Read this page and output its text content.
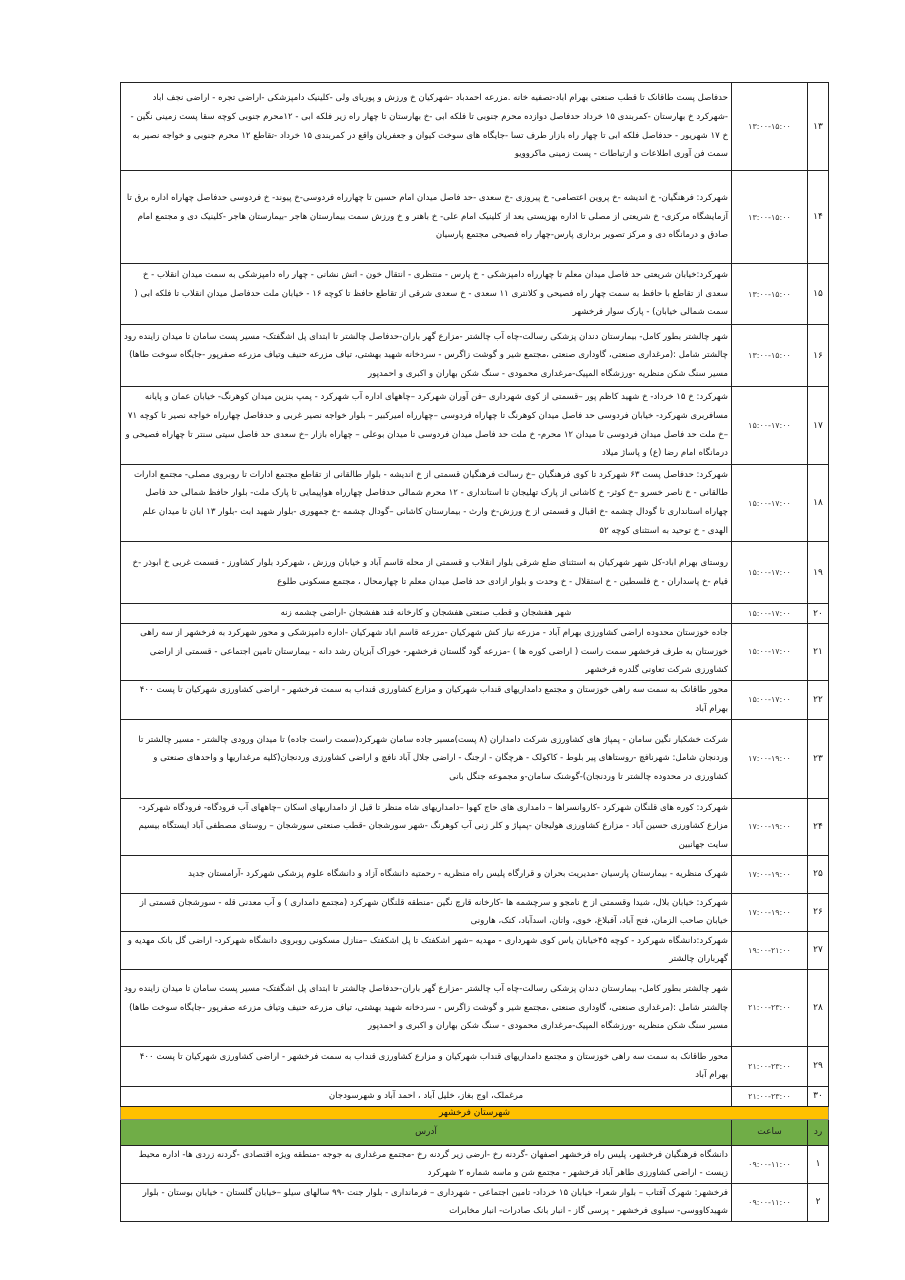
۱۳	۱۳:۰۰-۱۵:۰۰	حدفاصل پست طاقانک تا قطب صنعتی بهرام اباد-تصفیه خانه .مزرعه احمدباد -شهرکیان خ ورزش و پوریای ولی -کلینیک دامپزشکی -اراضی تجره - اراضی نجف اباد -شهرکرد خ بهارستان -کمربندی ۱۵ خرداد حدفاصل دوازده محرم جنوبی تا فلکه ابی -خ بهارستان تا چهار راه زیر فلکه ابی - ۱۲محرم جنوبی کوچه سقا پست زمینی نگین - خ ۱۷ شهریور - حدفاصل فلکه ابی تا چهار راه بازار طرف تسا -جایگاه های سوخت کیوان و جعفریان واقع در کمربندی ۱۵ خرداد -تقاطع ۱۲ محرم جنوبی و خواجه نصیر به سمت فن آوری اطلاعات و ارتباطات - پست زمینی ماکروویو
۱۴	۱۳:۰۰-۱۵:۰۰	شهرکرد: فرهنگیان- خ اندیشه -خ پروین اعتصامی- خ پیروزی -خ سعدی -حد فاصل میدان امام حسین تا چهارراه فردوسی-خ پیوند- خ فردوسی حدفاصل چهاراه اداره برق تا آزمایشگاه مرکزی- خ شریعتی از مصلی تا اداره بهزیستی بعد از کلینیک امام علی- خ باهنر و خ ورزش سمت بیمارستان هاجر -بیمارستان هاجر -کلینیک دی و مجتمع امام صادق و درمانگاه دی و مرکز تصویر برداری پارس-چهار راه فصیحی مجتمع پارسیان
۱۵	۱۳:۰۰-۱۵:۰۰	شهرکرد:خیابان شریعتی حد فاصل میدان معلم تا چهارراه دامپزشکی - خ پارس - منتظری - انتقال خون - اتش نشانی - چهار راه دامپزشکی به سمت میدان انقلاب - خ سعدی از تقاطع با حافظ به سمت چهار راه فصیحی و کلانتری ۱۱ سعدی - خ سعدی شرقی از تقاطع حافظ تا کوچه ۱۶ - خیابان ملت حدفاصل میدان انقلاب تا فلکه ابی ( سمت شمالی خیابان) - پارک سوار فرخشهر
۱۶	۱۳:۰۰-۱۵:۰۰	شهر چالشتر بطور کامل- بیمارستان دندان پزشکی رسالت-چاه آب چالشتر -مزارع گهر باران-حدفاصل چالشتر تا ابتدای پل اشگفتک- مسیر پست سامان تا میدان زاینده رود چالشتر شامل :(مرغداری صنعتی، گاوداری صنعتی ،مجتمع شیر و گوشت زاگرس - سردخانه شهید بهشتی، تیاف مزرعه حنیف وتیاف مزرعه صفرپور -جایگاه سوخت طاها) مسیر سنگ شکن منظریه -ورزشگاه المپیک-مرغداری محمودی - سنگ شکن بهاران و اکبری و احمدپور
۱۷	۱۵:۰۰-۱۷:۰۰	شهرکرد: خ ۱۵ خرداد- خ شهید کاظم پور –قسمتی از کوی شهرداری –فن آوران شهرکرد –چاههای اداره آب شهرکرد - پمپ بنزین میدان کوهرنگ- خیابان عمان و پایانه مسافربری شهرکرد- خیابان فردوسی حد فاصل میدان کوهرنگ تا چهاراه فردوسی –چهارراه امیرکبیر – بلوار خواجه نصیر غربی و حدفاصل چهارراه خواجه نصیر تا کوچه ۷۱ –خ ملت حد فاصل میدان فردوسی تا میدان ۱۲ محرم- خ ملت حد فاصل میدان فردوسی تا میدان بوعلی – چهاراه بازار –خ سعدی حد فاصل سیتی سنتر تا چهاراه فصیحی و درمانگاه امام رضا (ع) و پاساژ میلاد
۱۸	۱۵:۰۰-۱۷:۰۰	شهرکرد: حدفاصل پست ۶۳ شهرکرد تا کوی فرهنگیان –خ رسالت فرهنگیان قسمتی از خ اندیشه - بلوار طالقانی از تقاطع مجتمع ادارات تا روبروی مصلی- مجتمع ادارات طالقانی - خ ناصر خسرو –خ کوثر- خ کاشانی از پارک تهلیجان تا استانداری - ۱۲ محرم شمالی حدفاصل چهارراه هواپیمایی تا پارک ملت- بلوار حافظ شمالی حد فاصل چهاراه استانداری تا گودال چشمه -خ اقبال و قسمتی از خ ورزش-خ وارث - بیمارستان کاشانی –گودال چشمه -خ جمهوری -بلوار شهید ابت -بلوار ۱۳ ابان تا میدان علم الهدی - خ توحید به استثنای کوچه ۵۲
۱۹	۱۵:۰۰-۱۷:۰۰	روستای بهرام اباد-کل شهر شهرکیان به استثنای ضلع شرقی بلوار انقلاب و قسمتی از محله قاسم آباد و خیابان ورزش ، شهرکرد بلوار کشاورز - قسمت غربی خ ابوذر -خ قیام -خ پاسداران - خ فلسطین - خ استقلال - خ وحدت و بلوار ازادی حد فاصل میدان معلم تا چهارمحال ، مجتمع مسکونی طلوع
۲۰	۱۵:۰۰-۱۷:۰۰	شهر هفشجان و قطب صنعتی هفشجان و کارخانه قند هفشجان -اراضی چشمه زنه
۲۱	۱۵:۰۰-۱۷:۰۰	جاده خوزستان محدوده اراضی کشاورزی بهرام آباد - مزرعه نیاز کش شهرکیان -مزرعه قاسم اباد شهرکیان -اداره دامپزشکی و محور شهرکرد به فرخشهر از سه راهی خوزستان به طرف فرخشهر سمت راست ( اراضی کوره ها ) -مزرعه گود گلستان فرخشهر- خوراک آبزیان رشد دانه - بیمارستان تامین اجتماعی - قسمتی از اراضی کشاورزی شرکت تعاونی گلدره فرخشهر
۲۲	۱۵:۰۰-۱۷:۰۰	محور طاقانک به سمت سه راهی خوزستان و مجتمع دامداریهای قنداب شهرکیان و مزارع کشاورزی قنداب به سمت فرخشهر - اراضی کشاورزی شهرکیان تا پست ۴۰۰ بهرام آباد
۲۳	۱۷:۰۰-۱۹:۰۰	شرکت خشکبار نگین سامان - پمپاژ های کشاورزی شرکت دامداران (۸ پست)مسیر جاده سامان شهرکرد(سمت راست جاده) تا میدان ورودی چالشتر - مسیر چالشتر تا وردنجان شامل: شهرنافچ -روستاهای پیر بلوط - کاکولک - هرچگان - ارجنگ - اراضی جلال آباد نافچ و اراضی کشاورزی وردنجان(کلیه مرغداریها و واحدهای صنعتی و کشاورزی در محدوده چالشتر تا وردنجان)-گوشنک سامان-و مجموعه جنگل بانی
۲۴	۱۷:۰۰-۱۹:۰۰	شهرکرد: کوره های قلنگان شهرکرد -کاروانسراها – دامداری های حاج کهوا –دامداریهای شاه منظر تا قبل از دامداریهای اسکان –چاههای آب فرودگاه- فرودگاه شهرکرد- مزارع کشاورزی حسین آباد - مزارع کشاورزی هولیجان -پمپاژ و کلر زنی آب کوهرنگ -شهر سورشجان -قطب صنعتی سورشجان – روستای مصطفی آباد ایستگاه بیسیم سایت جهانبین
۲۵	۱۷:۰۰-۱۹:۰۰	شهرک منظریه - بیمارستان پارسیان -مدیریت بحران و قرارگاه پلیس راه منظریه - رحمتیه دانشگاه آزاد و دانشگاه علوم پزشکی شهرکرد -آرامستان جدید
۲۶	۱۷:۰۰-۱۹:۰۰	شهرکرد: خیابان بلال، شیدا وقسمتی از خ نامجو و سرچشمه ها -کارخانه قارچ نگین -منطقه قلنگان شهرکرد (مجتمع دامداری ) و آب معدنی قله - سورشجان قسمتی از خیابان صاحب الزمان، فتح آباد، آفبلاغ، خوی، واتان، اسدآباد، کنک، هارونی
۲۷	۱۹:۰۰-۲۱:۰۰	شهرکرد:دانشگاه شهرکرد - کوچه ۴۵خیابان یاس کوی شهرداری - مهدیه –شهر اشکفتک تا پل اشکفتک –منازل مسکونی روبروی دانشگاه شهرکرد- اراضی گل بانک مهدیه و گهرباران چالشتر
۲۸	۲۱:۰۰-۲۳:۰۰	شهر چالشتر بطور کامل- بیمارستان دندان پزشکی رسالت-چاه آب چالشتر -مزارع گهر باران-حدفاصل چالشتر تا ابتدای پل اشگفتک- مسیر پست سامان تا میدان زاینده رود چالشتر شامل :(مرغداری صنعتی، گاوداری صنعتی ،مجتمع شیر و گوشت زاگرس - سردخانه شهید بهشتی، تیاف مزرعه حنیف وتیاف مزرعه صفرپور -جایگاه سوخت طاها) مسیر سنگ شکن منظریه -ورزشگاه المپیک-مرغداری محمودی - سنگ شکن بهاران و اکبری و احمدپور
۲۹	۲۱:۰۰-۲۳:۰۰	محور طاقانک به سمت سه راهی خوزستان و مجتمع دامداریهای قنداب شهرکیان و مزارع کشاورزی قنداب به سمت فرخشهر - اراضی کشاورزی شهرکیان تا پست ۴۰۰ بهرام آباد
۳۰	۲۱:۰۰-۲۳:۰۰	مرغملک، اوج بغاز، خلیل آباد ، احمد آباد و شهرسودجان
شهرستان فرخشهر		
رد	ساعت	آدرس
۱	۰۹:۰۰-۱۱:۰۰	دانشگاه فرهنگیان فرخشهر، پلیس راه فرخشهر اصفهان -گردنه رخ -ارضی زیر گردنه رخ -مجتمع مرغداری به جوجه -منطقه ویژه اقتصادی -گردنه زردی ها- اداره محیط زیست - اراضی کشاورزی طاهر آباد فرخشهر - مجتمع شن و ماسه شماره ۲ شهرکرد
۲	۰۹:۰۰-۱۱:۰۰	فرخشهر: شهرک آفتاب – بلوار شعرا- خیابان ۱۵ خرداد- تامین اجتماعی - شهرداری – فرمانداری - بلوار جنت -۹۹ سالهای سیلو –خیابان گلستان - خیابان بوستان - بلوار شهیدکاووسی- سیلوی فرخشهر - پرسی گاز - انبار بانک صادرات- انبار مخابرات
